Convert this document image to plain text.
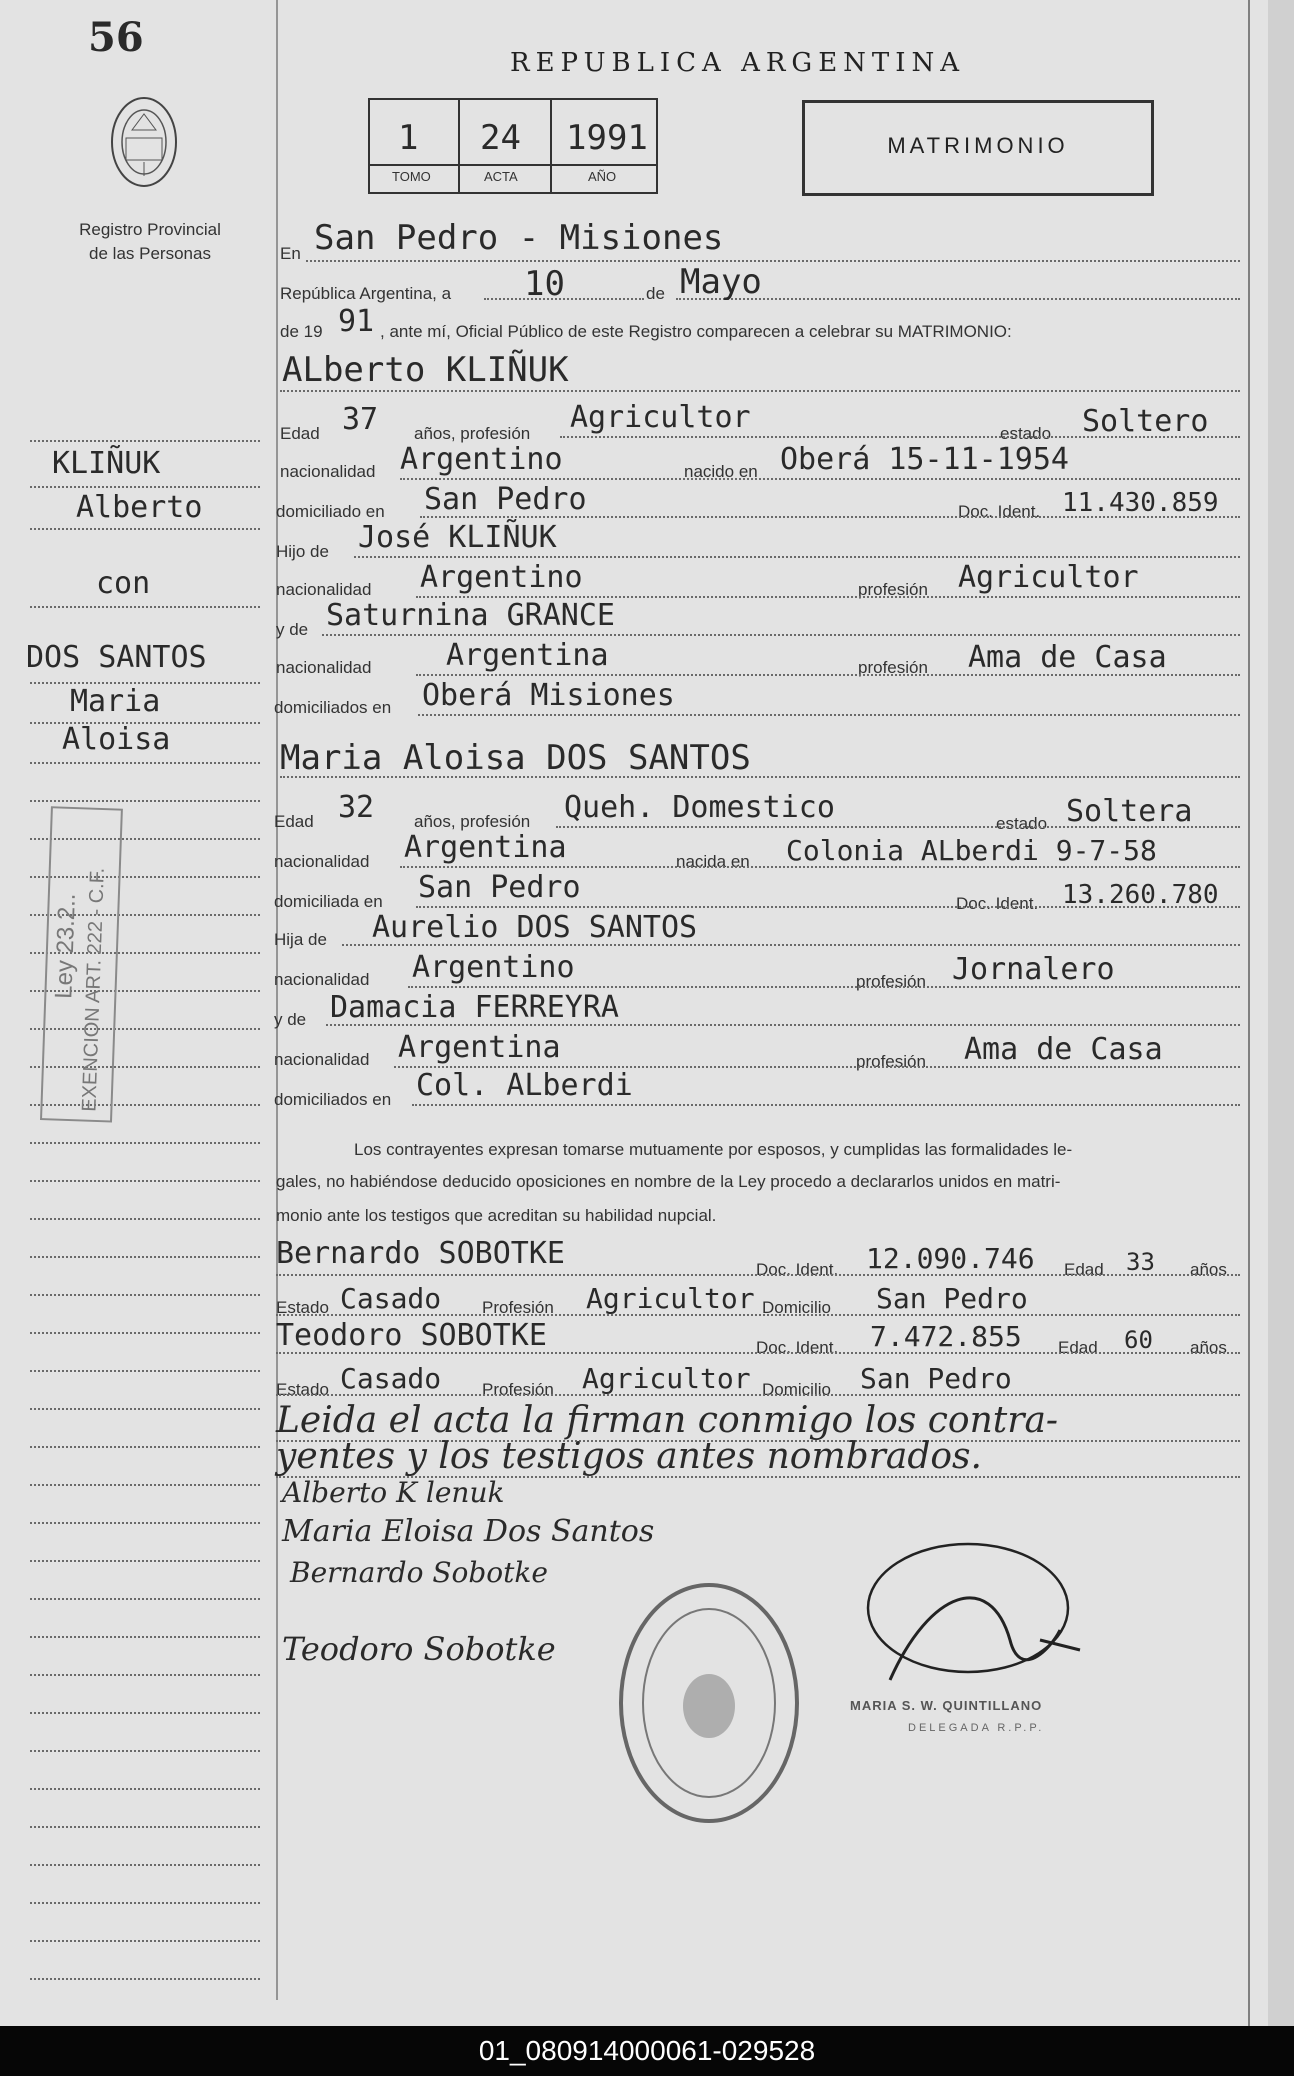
56
Registro Provincial
de las Personas
REPUBLICA ARGENTINA
1 24 1991
TOMO	ACTA	AÑO
MATRIMONIO
KLIÑUK
Alberto
con
DOS SANTOS
Maria
Aloisa
Ley 23.2..
EXENCION ART. 222 - C.F.
En San Pedro - Misiones
República Argentina, a 10	de Mayo
de 19 91 , ante mí, Oficial Público de este Registro comparecen a celebrar su MATRIMONIO:
ALberto KLIÑUK
Edad 37 años, profesión Agricultor	estado Soltero
nacionalidad Argentino	nacido en Oberá 15-11-1954
domiciliado en San Pedro	Doc. Ident. 11.430.859
Hijo de José KLIÑUK
nacionalidad Argentino	profesión Agricultor
y de Saturnina GRANCE
nacionalidad Argentina	profesión Ama de Casa
domiciliados en Oberá Misiones
Maria Aloisa DOS SANTOS
Edad 32 años, profesión Queh. Domestico	estado Soltera
nacionalidad Argentina	nacida en Colonia ALberdi 9-7-58
domiciliada en San Pedro	Doc. Ident. 13.260.780
Hija de Aurelio DOS SANTOS
nacionalidad Argentino	profesión Jornalero
y de Damacia FERREYRA
nacionalidad Argentina	profesión Ama de Casa
domiciliados en Col. ALberdi
Los contrayentes expresan tomarse mutuamente por esposos, y cumplidas las formalidades le-
gales, no habiéndose deducido oposiciones en nombre de la Ley procedo a declararlos unidos en matri-
monio ante los testigos que acreditan su habilidad nupcial.
Bernardo SOBOTKE	Doc. Ident. 12.090.746 Edad 33 años
Estado Casado Profesión Agricultor Domicilio San Pedro
Teodoro SOBOTKE	Doc. Ident. 7.472.855 Edad 60 años
Estado Casado Profesión Agricultor Domicilio San Pedro
Leida el acta la firman conmigo los contra-
yentes y los testigos antes nombrados.
Alberto K lenuk
Maria Eloisa Dos Santos
Bernardo Sobotke
Teodoro Sobotke
MARIA S. W. QUINTILLANO
DELEGADA R.P.P.
01_080914000061-029528
